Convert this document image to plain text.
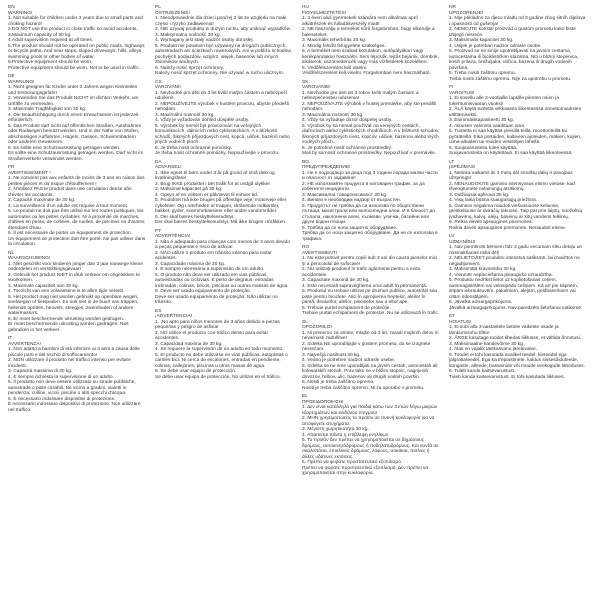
EN
WARNING!
1. Not suitable for children under 3 years due to small parts and choking hazard!
2.DO NOT use the product in close traffic so avoid accidents.
3.Maximum capacity of 30 kg.
4.Adult supervision required at all times.
5.The product should not be operated on public roads, highways or bicycle paths. And near steps, sloped driveways, hills, alleys, swimming pools or other bodies of water.
6.Protective equipment should be worn.
Protective equipment should be worn. Not to be used in traffic.
DE
WARNUNG!
1. Nicht geeignet für Kinder unter 3 Jahren wegen Kleinteilen und Erstickungsgefahr!
2. Verwenden Sie das Produkt NICHT im dichten Verkehr, um Unfälle zu vermeiden.
3. Maximale Tragfähigkeit von 30 kg.
4. Die Beaufsichtigung durch einen Erwachsenen ist jederzeit erforderlich.
5. Das Produkt darf nicht auf öffentlichen Straßen, Autobahnen oder Radwegen benutzt werden. Und in der Nähe von Stufen, abschüssigen Auffahrten, Hügeln, Gassen, Schwimmbädern oder anderen Gewässern.
6. Es sollte eine Schutzausrüstung getragen werden.
Es sollte eine Schutzausrüstung getragen werden. Darf nicht im Straßenverkehr verwendet werden.
FR
AVERTISSEMENT !
1. Ne convient pas aux enfants de moins de 3 ans en raison des petites pièces et du risque d'étouffement !
2. N'utilisez PAS le produit dans une circulation dense afin d'éviter les accidents.
3. Capacité maximale de 30 kg.
4. La surveillance d'un adulte est requise à tout moment.
5. Le produit ne doit pas être utilisé sur les routes publiques, les autoroutes ou les pistes cyclables. Ni à proximité de marches, d'allées en pente, de collines, de ruelles, de piscines ou d'autres étendues d'eau.
6. Il est nécessaire de porter un équipement de protection.
Un équipement de protection doit être porté. Ne pas utiliser dans la circulation.
NL
WAARSCHUWING!
1. Niet geschikt voor kinderen jonger dan 3 jaar vanwege kleine onderdelen en verstikkingsgevaar!
2. Gebruik het product NIET in druk verkeer om ongelukken te voorkomen.
3. Maximale capaciteit van 30 kg.
4. Toezicht van een volwassene is te allen tijde vereist.
5. Het product mag niet worden gebruikt op openbare wegen, snelwegen of fietspaden. En ook niet in de buurt van trappen, hellende opritten, heuvels, steegjes, zwembaden of andere watermassa's.
6. Er moet beschermende uitrusting worden gedragen.
Er moet beschermende uitrusting worden gedragen. Niet gebruiken in het verkeer.
IT
AVVERTENZA!
1. Non adatto a bambini di età inferiore ai 3 anni a causa delle piccole parti e del rischio di soffocamento!
2. NON utilizzare il prodotto nel traffico intenso per evitare incidenti.
3. Capacità massima di 30 kg.
4. È sempre richiesta la supervisione di un adulto.
5. Il prodotto non deve essere utilizzato su strade pubbliche, autostrade o piste ciclabili. Né vicino a gradini, vialetti in pendenza, colline, vicoli, piscine o altri specchi d'acqua.
6. È necessario indossare dispositivi di protezione.
È necessario indossare dispositivi di protezione. Non utilizzare nel traffico.
PL
OSTRZEŻENIE!
1. Nieodpowiednie dla dzieci poniżej 3 lat ze względu na małe części i ryzyko zadławienia!
2. NIE używaj produktu w dużym ruchu, aby uniknąć wypadków.
3. Maksymalna nośność 30 kg.
4. Wymagany jest stały nadzór osoby dorosłej.
5. Produkt nie powinien być używany na drogach publicznych, autostradach ani ścieżkach rowerowych. Ani w pobliżu schodów, pochyłych podjazdów, wzgórz, alejek, basenów lub innych zbiorników wodnych.
6. Należy nosić sprzęt ochronny.
Należy nosić sprzęt ochronny. Nie używać w ruchu ulicznym.
CS
VAROVÁNÍ!
1. Nevhodné pro děti do 3 let kvůli malým částem a nebezpečí udušení!
2. NEPOUŽÍVEJTE výrobek v hustém provozu, abyste předešli nehodám.
3. Maximální nosnost 30 kg.
4. Vždy je vyžadován dohled dospělé osoby.
5. Výrobek by neměl být provozován na veřejných komunikacích, dálnicích nebo cyklostezkách. A v blízkosti schodů, šikmých příjezdových cest, kopců, uliček, bazénů nebo jiných vodních ploch.
6. Je třeba nosit ochranné pomůcky.
Je třeba nosit ochranné pomůcky. Nepoužívejte v provozu.
DA
ADVARSEL!
1. Ikke egnet til børn under 3 år på grund af små dele og kvælningsfare!
2. Brug IKKE produktet i tæt trafik for at undgå ulykker.
3. Maksimal kapacitet på 30 kg.
4. Opsyn af en voksen er påkrævet til enhver tid.
5. Produktet må ikke bruges på offentlige veje, motorveje eller cykelstier. Og i nærheden af trapper, skrånende indkørsler, bakker, gyder, svømmebassiner eller andre vandområder.
6. Der skal bæres beskyttelsesudstyr.
Der skal bæres beskyttelsesudstyr. Må ikke bruges i trafikken.
PT
ADVERTÊNCIA!
1. Não é adequado para crianças com menos de 3 anos devido a peças pequenas e risco de asfixia!
2. NÃO utilize o produto em trânsito intenso para evitar acidentes.
3. Capacidade máxima de 30 kg.
4. É sempre necessária a supervisão de um adulto.
5. O produto não deve ser utilizado em vias públicas, autoestradas ou ciclovias. E perto de degraus, entradas inclinadas, colinas, becos, piscinas ou outras massas de água.
6. Deve ser usado equipamento de proteção.
Deve ser usado equipamento de proteção. Não utilizar no trânsito.
ES
¡ADVERTENCIA!
1. ¡No apto para niños menores de 3 años debido a piezas pequeñas y peligro de asfixia!
2. NO utilice el producto con tráfico denso para evitar accidentes.
3. Capacidad máxima de 30 kg.
4. Se requiere la supervisión de un adulto en todo momento.
5. El producto no debe utilizarse en vías públicas, autopistas o carriles bici. Ni cerca de escalones, entradas en pendiente, colinas, callejones, piscinas u otras masas de agua.
6. Se debe usar equipo de protección.
Se debe usar equipo de protección. No utilizar en el tráfico.
HU
FIGYELMEZTETÉS!
1. 3 éven aluli gyermekek számára nem alkalmas apró alkatrészek és fulladásveszély miatt!
2. NE használja a terméket sűrű forgalomban, hogy elkerülje a baleseteket.
3. Maximális teherbírás 30 kg.
4. Mindig felnőtt felügyelete szükséges.
5. A terméket nem szabad közutakon, autópályákon vagy kerékpárutakon használni. Sem lépcsők, lejtős bejárók, dombok, sikátorok, úszómedencék vagy más vízfelületek közelében.
6. Védőfelszerelést kell viselni.
Védőfelszerelést kell viselni. Forgalomban nem használható.
SK
VAROVANIE!
1. Nevhodné pre deti do 3 rokov kvôli malým častiam a nebezpečenstvu udusenia!
2. NEPOUŽÍVAJTE výrobok v hustej premávke, aby ste predišli nehodám.
3. Maximálna nosnosť 30 kg.
4. Vždy sa vyžaduje dozor dospelej osoby.
5. Výrobok by sa nemal používať na verejných cestách, diaľniciach alebo cyklistických chodníkoch. A v blízkosti schodov, šikmých príjazdových ciest, kopcov, uličiek, bazénov alebo iných vodných plôch.
6. Je potrebné nosiť ochranné prostriedky.
Mali by sa nosiť ochranné prostriedky. Nepoužívať v premávke.
BG
ПРЕДУПРЕЖДЕНИЕ!
1. Не е подходящо за деца под 3 години поради малки части и опасност от задавяне!
2. НЕ използвайте продукта в натоварен трафик, за да избегнете инциденти.
3. Максимална товароносимост 30 kg.
4. Винаги е необходим надзор от възрастен.
5. Продуктът не трябва да се използва по обществени пътища, магистрали или велосипедни алеи. И в близост до стъпала, наклонени алеи, хълмове, улички, басейни или други водни площи.
6. Трябва да се носи защитно оборудване.
Трябва да се носи защитно оборудване. Да не се използва в трафика.
RO
AVERTISMENT!
1. Nu este potrivit pentru copiii sub 3 ani din cauza pieselor mici și a pericolului de sufocare!
2. NU utilizați produsul în trafic aglomerat pentru a evita accidentele.
3. Capacitate maximă de 30 kg.
4. Este necesară supravegherea unui adult în permanență.
5. Produsul nu trebuie utilizat pe drumuri publice, autostrăzi sau piste pentru biciclete. Nici în apropierea treptelor, aleilor în pantă, dealurilor, aleilor, piscinelor sau a altor ape.
6. Trebuie purtat echipament de protecție.
Trebuie purtat echipament de protecție. Nu se utilizează în trafic.
SL
OPOZORILO!
1. Ni primerno za otroke, mlajše od 3 let, zaradi majhnih delov in nevarnosti zadušitve!
2. Izdelka NE uporabljajte v gostem prometu, da se izognete nesrečam.
3. Največja nosilnost 30 kg.
4. Vedno je potreben nadzor odrasle osebe.
5. Izdelka se ne sme uporabljati na javnih cestah, avtocestah ali kolesarskih stezah. Prav tako ne v bližini stopnic, nagnjenih dovozov, hribov, ulic, bazenov ali drugih vodnih površin.
6. Nositi je treba zaščitno opremo.
Nositi je treba zaščitno opremo. Ni za uporabo v prometu.
EL
ΠΡΟΕΙΔΟΠΟΙΗΣΗ!
1. Δεν είναι κατάλληλο για παιδιά κάτω των 3 ετών λόγω μικρών εξαρτημάτων και κινδύνου πνιγμού!
2. ΜΗΝ χρησιμοποιείτε το προϊόν σε πυκνή κυκλοφορία για να αποφύγετε ατυχήματα.
3. Μέγιστη χωρητικότητα 30 kg.
4. Απαιτείται πάντα η επίβλεψη ενηλίκων.
5. Το προϊόν δεν πρέπει να χρησιμοποιείται σε δημόσιους δρόμους, αυτοκινητόδρομους ή ποδηλατοδρόμους. Και κοντά σε σκαλοπάτια, επικλινείς δρόμους, λόφους, σοκάκια, πισίνες ή άλλες υδάτινες εκτάσεις.
6. Πρέπει να φοράτε προστατευτικό εξοπλισμό.
Πρέπει να φοράτε προστατευτικό εξοπλισμό. Δεν πρέπει να χρησιμοποιείται στην κυκλοφορία.
HR
UPOZORENJE!
1. Nije prikladno za djecu mlađu od 3 godine zbog sitnih dijelova i opasnosti od gušenja!
2. NEMOJTE koristiti proizvod u gustom prometu kako biste izbjegli nesreće.
3. Maksimalni kapacitet 30 kg.
4. Uvijek je potreban nadzor odrasle osobe.
5. Proizvod se ne smije upotrebljavati na javnim cestama, autocestama ili biciklističkim stazama. Niti u blizini stepenica, kosih prilaza, brežuljaka, uličica, bazena ili drugih vodenih površina.
6. Treba nositi zaštitnu opremu.
Treba nositi zaštitnu opremu. Nije za upotrebu u prometu.
FI
VAROITUS!
1. Ei sovellu alle 3-vuotiaille lapsille pienten osien ja tukehtumisvaaran vuoksi!
2. ÄLÄ käytä tuotetta vilkkaassa liikenteessä onnettomuuksien välttämiseksi.
3. Enimmäiskapasiteetti 30 kg.
4. Aikuisen valvonta vaaditaan aina.
5. Tuotetta ei saa käyttää yleisillä teillä, moottoriteillä tai pyöräteillä. Eikä portaiden, kaltevien ajoteiden, mäkien, kujien, uima-altaiden tai muiden vesistöjen lähellä.
6. Suojavarusteita tulee käyttää.
Suojavarusteita on käytettävä. Ei saa käyttää liikenteessä.
LT
ĮSPĖJIMAS!
1. Netinka vaikams iki 3 metų dėl smulkių dalių ir pavojaus užspringti!
2. NENAUDOKITE gaminio intensyvaus eismo vietose, kad išvengtumėte nelaimingų atsitikimų.
3. Didžiausia apkrova 30 kg.
4. Visą laiką būtina suaugusiųjų priežiūra.
5. Gaminio negalima naudoti viešuosiuose keliuose, greitkeliuose ar dviračių takuose. Taip pat prie laiptų, nuožulnių įvažiavimų, kalvų, alėjų, baseinų ar kitų vandens telkinių.
6. Reikia dėvėti apsaugines priemones.
Reikia dėvėti apsaugines priemones. Nenaudoti eisme.
LV
UZMANĪBU!
1. Nav piemērots bērniem līdz 3 gadu vecumam sīku detaļu un nosmakšanas riska dēļ!
2. NELIETOJIET produktu intensīvā satiksmē, lai izvairītos no negadījumiem.
3. Maksimālā kravnesība 30 kg.
4. Vienmēr nepieciešama pieaugušo uzraudzība.
5. Produktu nedrīkst lietot uz koplietošanas ceļiem, automaģistrālēm vai velosipēdu celiņiem. Kā arī pie kāpnēm, slīpām iebrauktuvēm, pakalniem, alejām, peldbaseiniem vai citām ūdenstilpēm.
6. Jāvalkā aizsargaprīkojums.
Jāvalkā aizsargaprīkojums. Nav paredzēts lietošanai satiksmē.
ET
HOIATUS!
1. Ei sobi alla 3-aastastele lastele väikeste osade ja lämbumisohu tõttu!
2. ÄRGE kasutage toodet tihedas liikluses, et vältida õnnetusi.
3. Maksimaalne kandevõime 30 kg.
4. Alati on vajalik täiskasvanu järelevalve.
5. Toodet ei tohi kasutada avalikel teedel, kiirteedel ega jalgrattateedel. Ega ka trepiastmete, kaldus sissesõiduteede, küngaste, alleede, basseinide või muude veekogude läheduses.
6. Tuleb kanda kaitsevarustust.
Tuleb kanda kaitsevarustust. Ei tohi kasutada liikluses.
